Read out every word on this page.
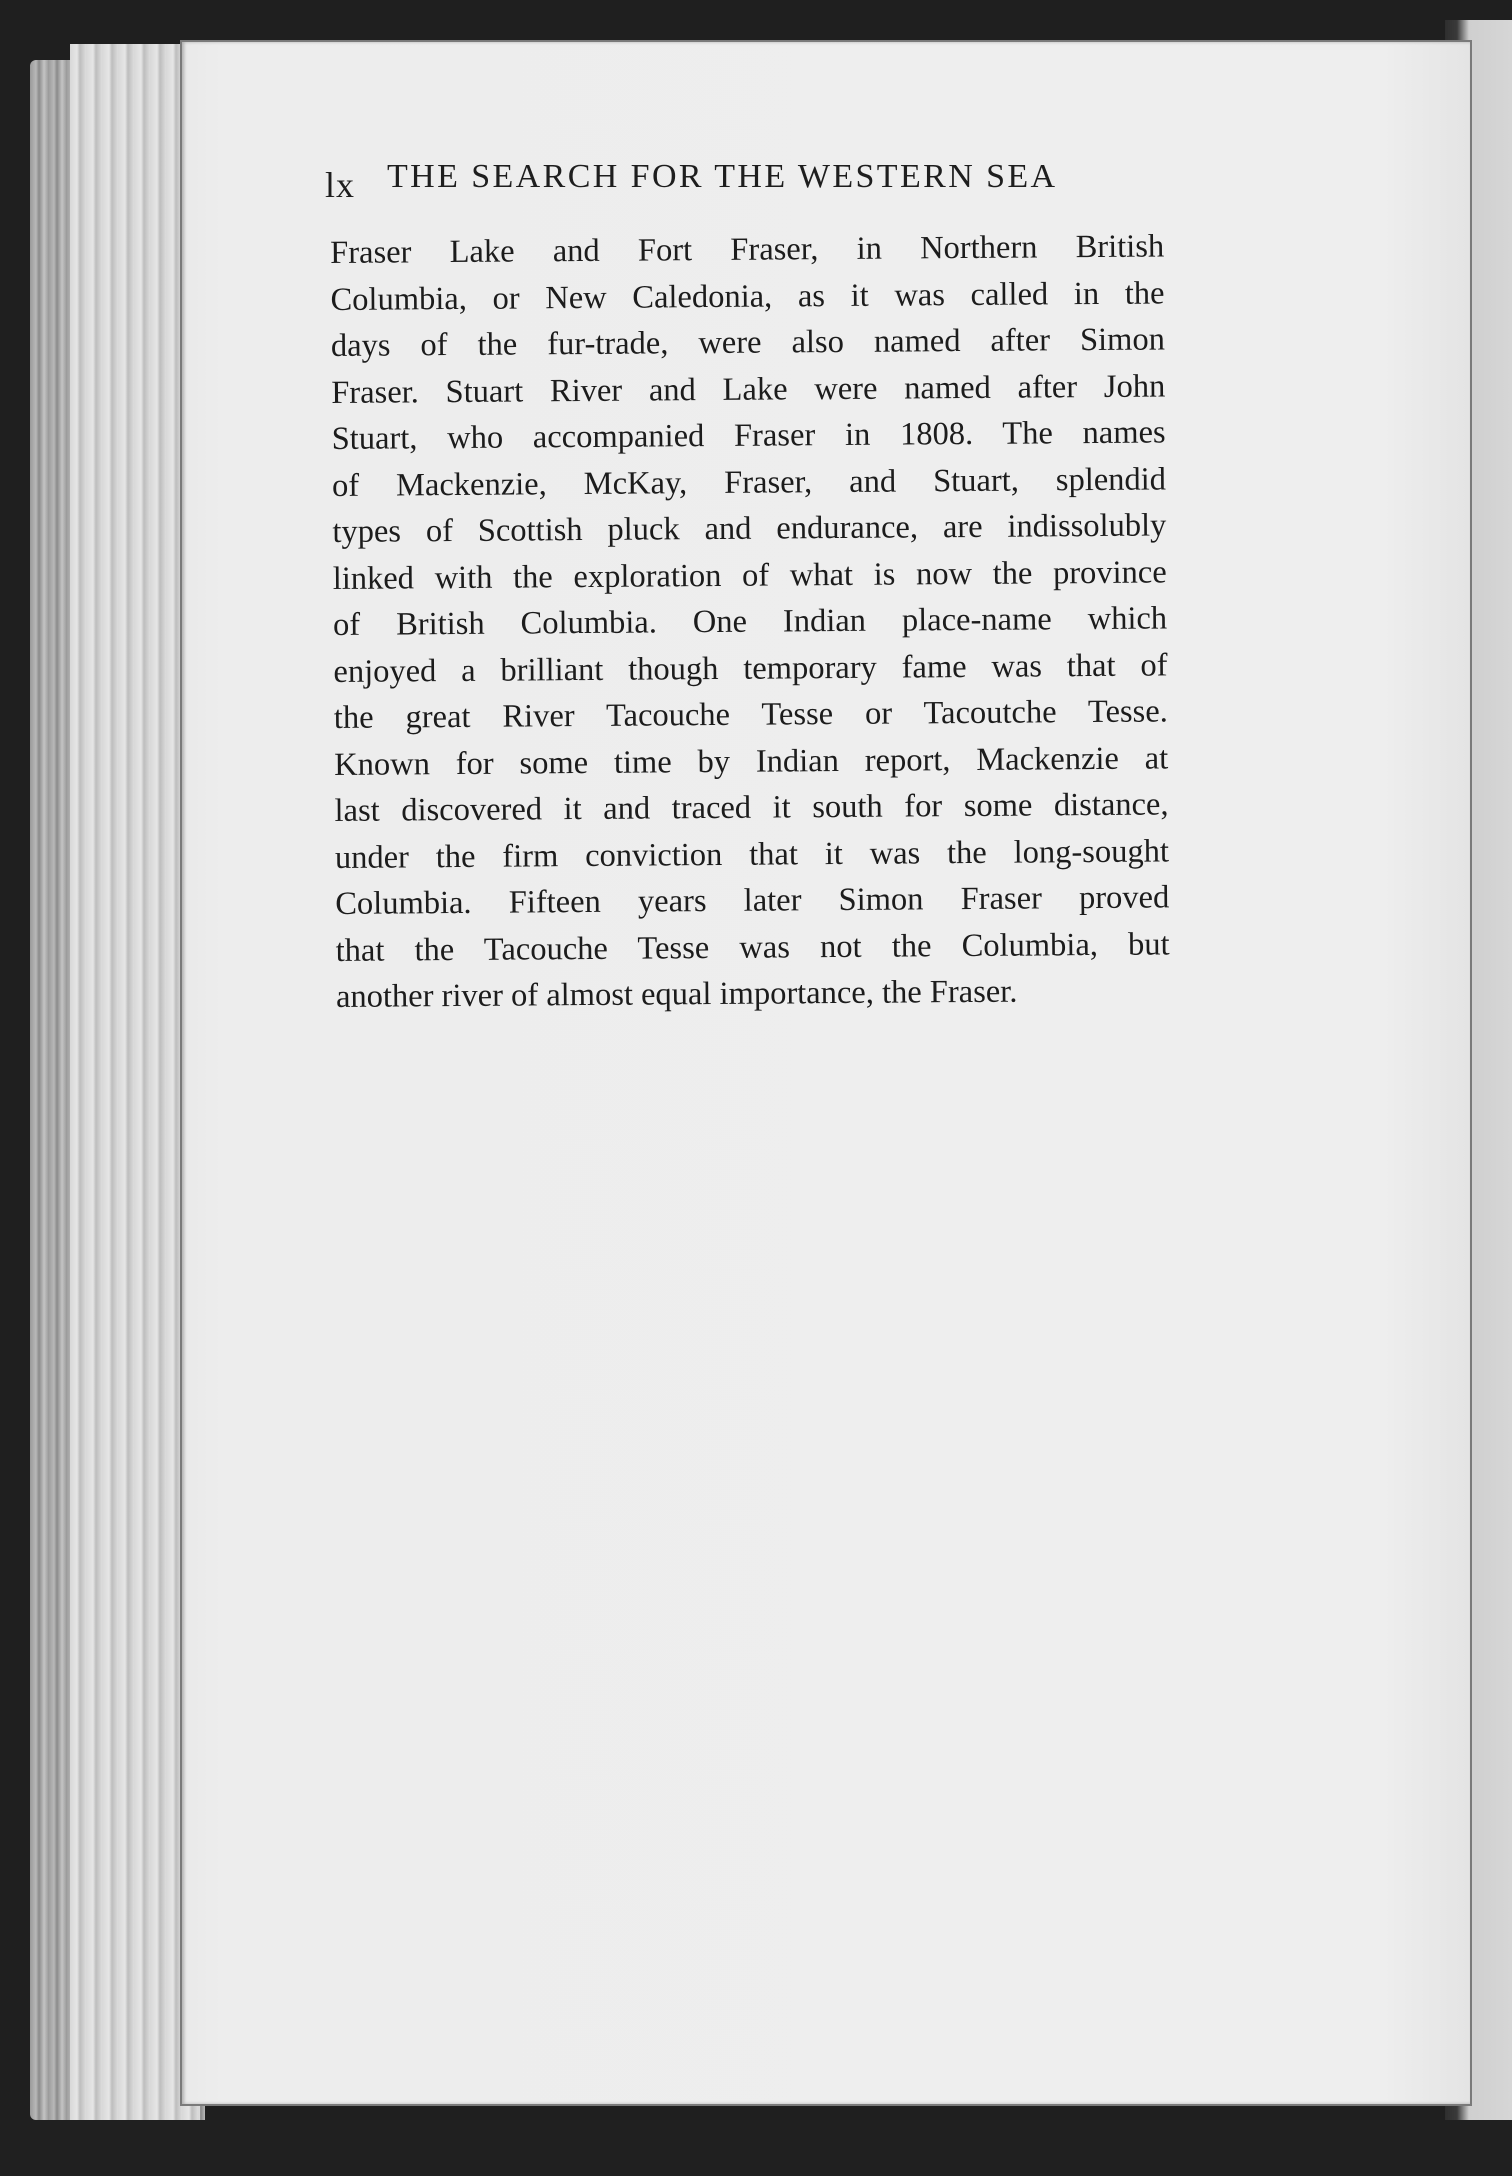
lx THE SEARCH FOR THE WESTERN SEA

Fraser Lake and Fort Fraser, in Northern British
Columbia, or New Caledonia, as it was called in the
days of the fur-trade, were also named after Simon
Fraser. Stuart River and Lake were named after John
Stuart, who accompanied Fraser in 1808. The names
of Mackenzie, McKay, Fraser, and Stuart, splendid
types of Scottish pluck and endurance, are indissolubly
linked with the exploration of what is now the province
of British Columbia. One Indian place-name which
enjoyed a brilliant though temporary fame was that of
the great River Tacouche Tesse or Tacoutche Tesse.
Known for some time by Indian report, Mackenzie at
last discovered it and traced it south for some distance,
under the firm conviction that it was the long-sought
Columbia. Fifteen years later Simon Fraser proved
that the Tacouche Tesse was not the Columbia, but
another river of almost equal importance, the Fraser.
